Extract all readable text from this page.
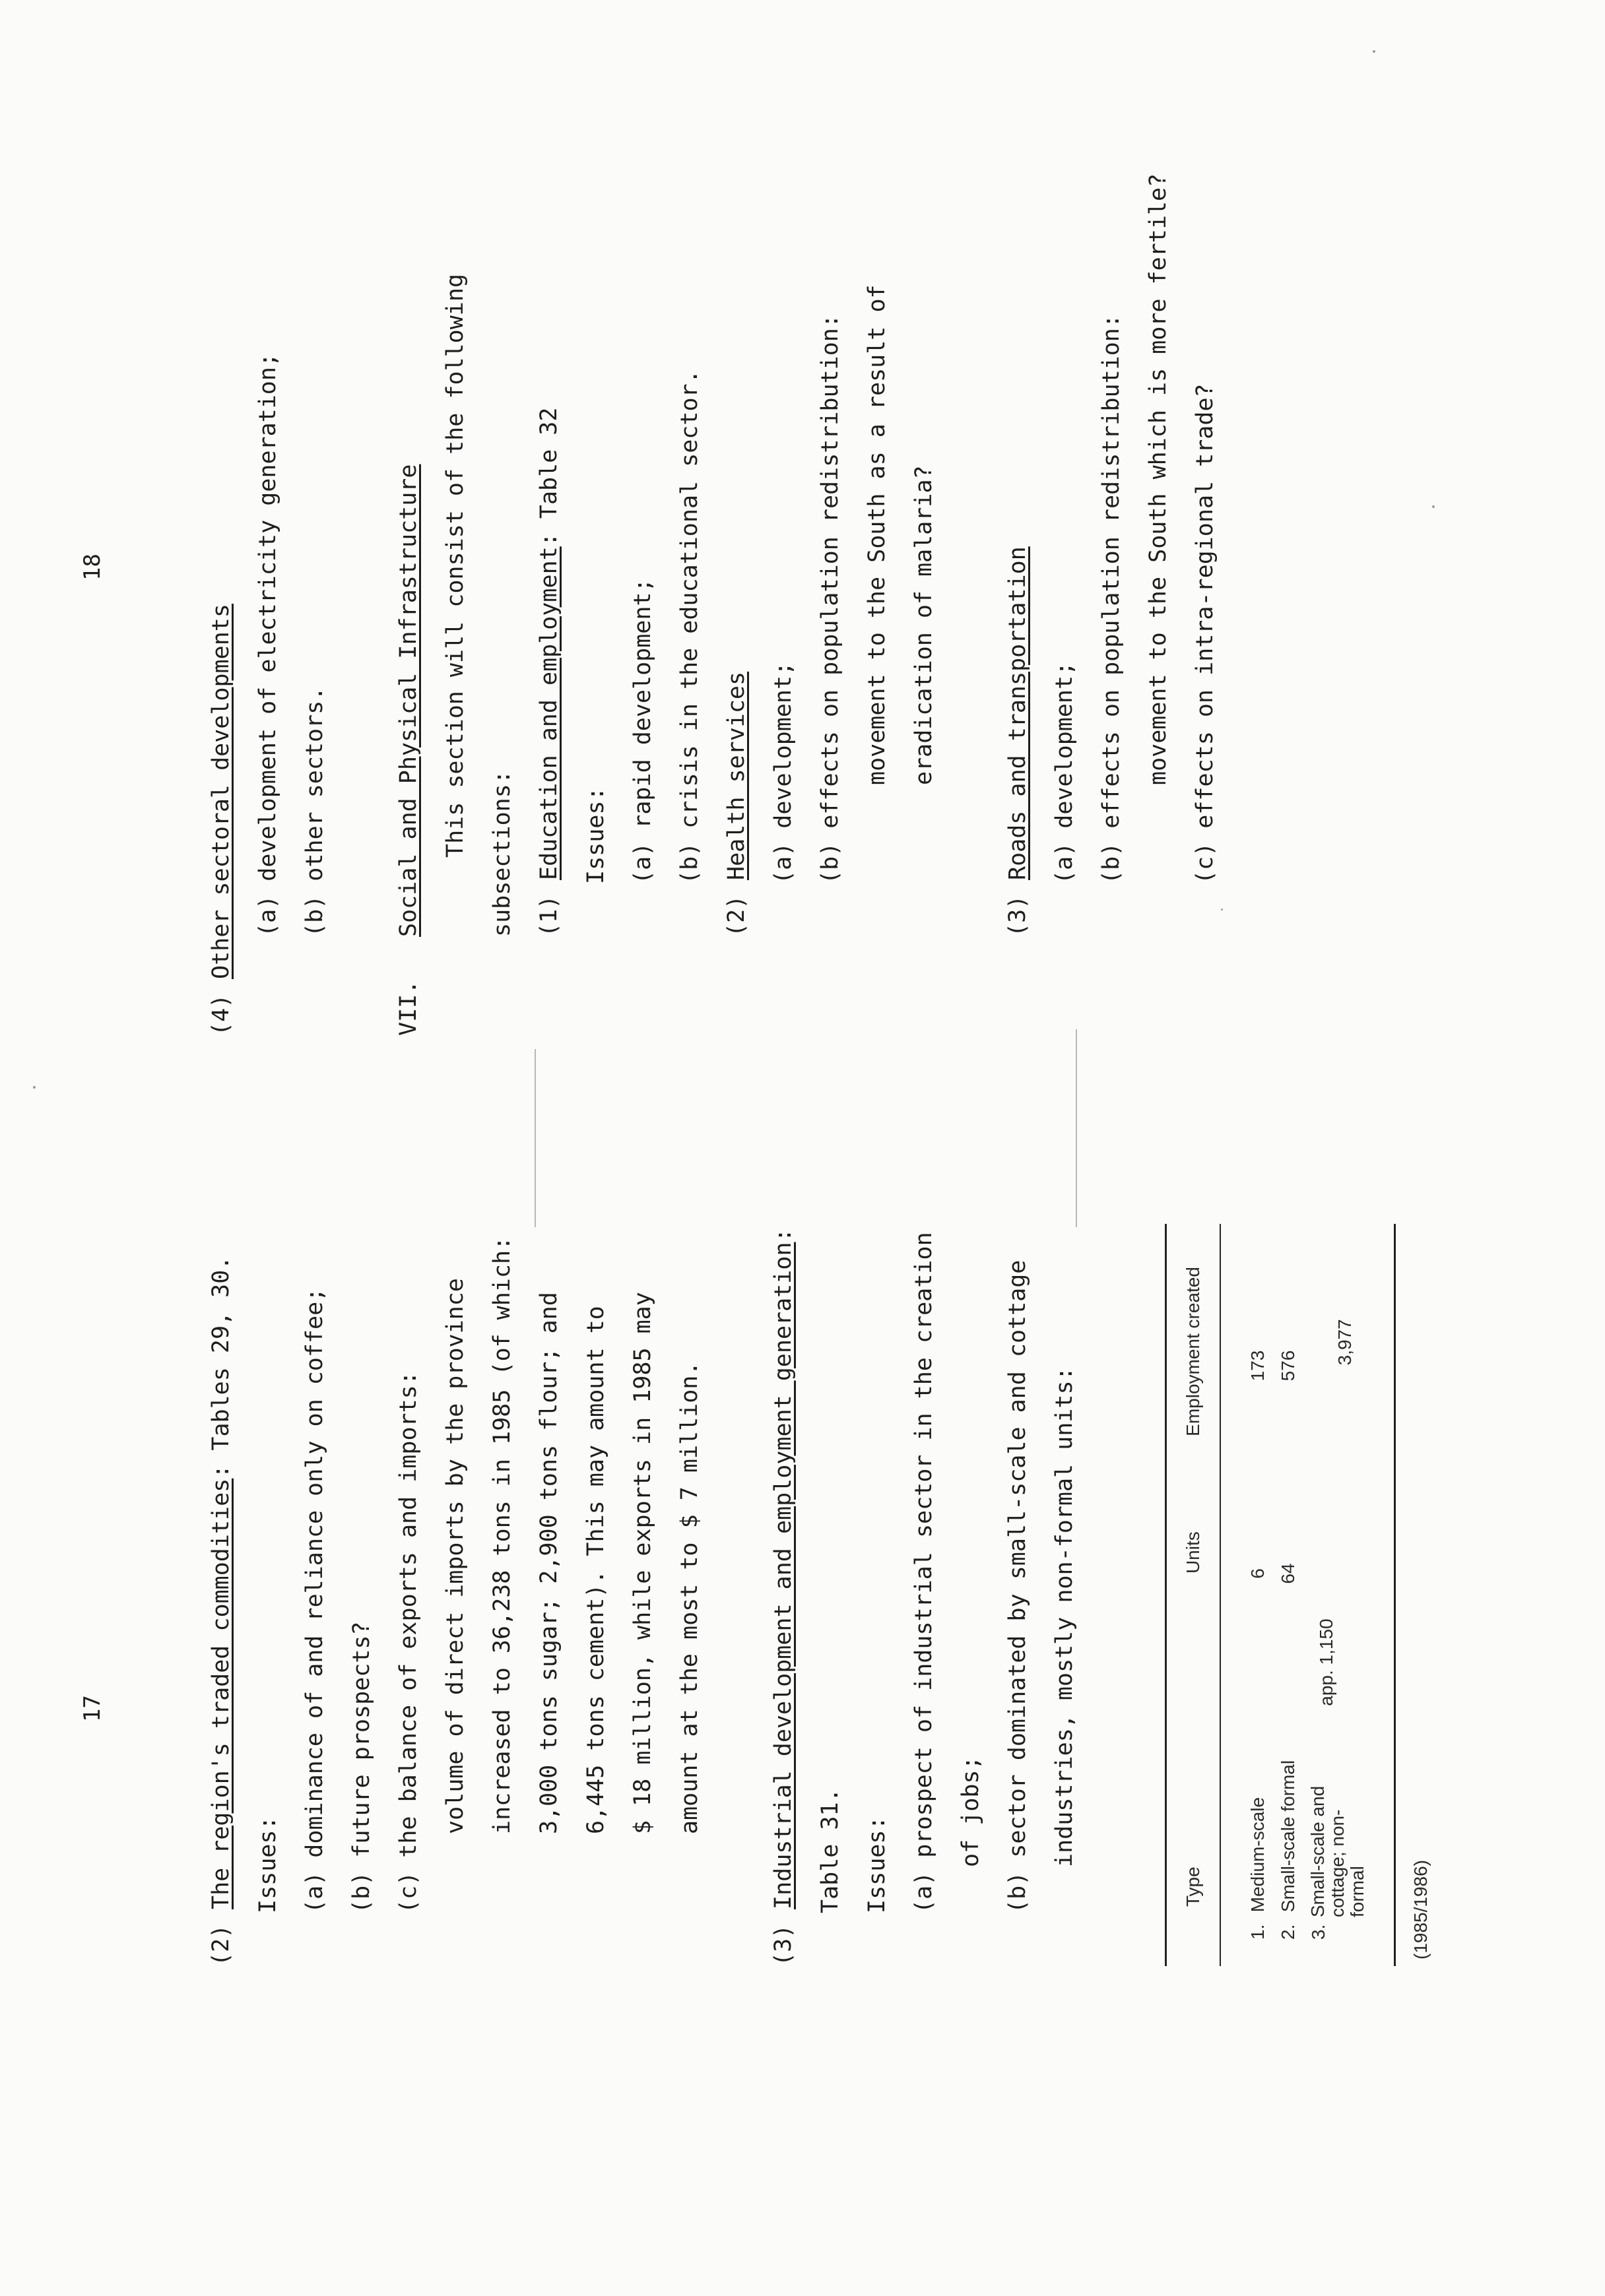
17
(2)The region's traded commodities: Tables 29, 30.
Issues: (a) dominance of and reliance only on coffee; (b) future prospects? (c) the balance of exports and imports: volume of direct imports by the province increased to 36,238 tons in 1985 (of which: 3,000 tons sugar; 2,900 tons flour; and 6,445 tons cement). This may amount to $ 18 million, while exports in 1985 may amount at the most to $ 7 million.
(3)Industrial development and employment generation:
Table 31. Issues: (a) prospect of industrial sector in the creation of jobs; (b) sector dominated by small-scale and cottage industries, mostly non-formal units:
Type
Units
Employment created
1. Medium-scale
6
173
2. Small-scale formal
64
576
3.
Small-scale and cottage; non-formal
app. 1,150
3,977
(1985/1986)
18
(4)Other sectoral developments (a) development of electricity generation; (b) other sectors.
VII.Social and Physical Infrastructure This section will consist of the following subsections: (1)Education and employment: Table 32
Issues: (a) rapid development; (b) crisis in the educational sector.
(2)Health services (a) development; (b) effects on population redistribution: movement to the South as a result of eradication of malaria?
(3)Roads and transportation (a) development; (b) effects on population redistribution: movement to the South which is more fertile? (c) effects on intra-regional trade?
